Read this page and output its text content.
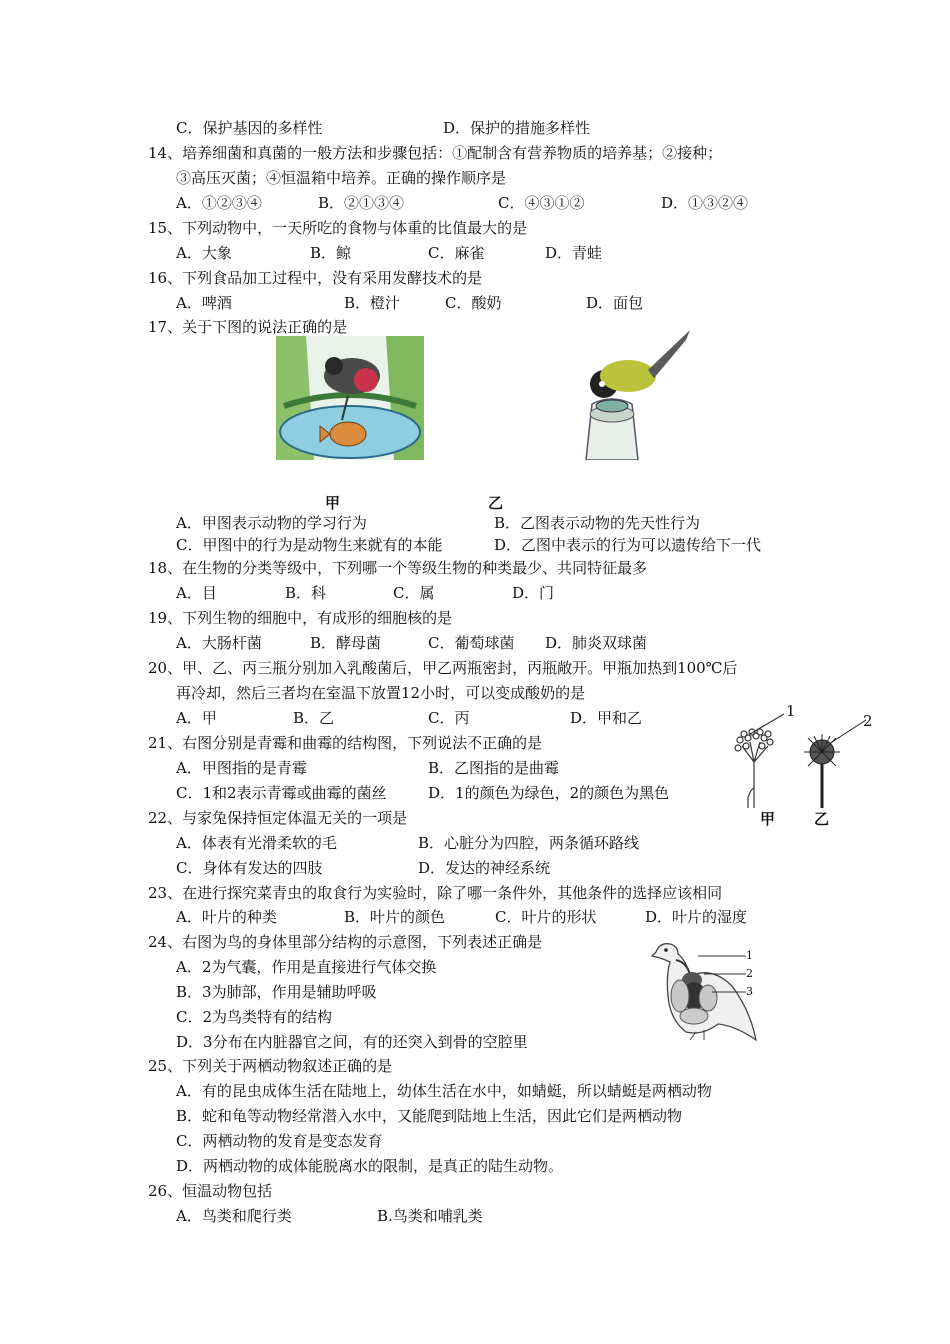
C．保护基因的多样性	D．保护的措施多样性
14、培养细菌和真菌的一般方法和步骤包括：①配制含有营养物质的培养基；②接种；
③高压灭菌；④恒温箱中培养。正确的操作顺序是
A．①②③④	B．②①③④	C．④③①②	D．①③②④
15、下列动物中，一天所吃的食物与体重的比值最大的是
A．大象	B．鲸	C．麻雀	D．青蛙
16、下列食品加工过程中，没有采用发酵技术的是
A．啤酒	B．橙汁	C．酸奶	D．面包
17、关于下图的说法正确的是
甲	乙
A．甲图表示动物的学习行为	B．乙图表示动物的先天性行为
C．甲图中的行为是动物生来就有的本能	D．乙图中表示的行为可以遗传给下一代
18、在生物的分类等级中，下列哪一个等级生物的种类最少、共同特征最多
A．目	B．科	C．属	D．门
19、下列生物的细胞中，有成形的细胞核的是
A．大肠杆菌	B．酵母菌	C．葡萄球菌 D．肺炎双球菌
20、甲、乙、丙三瓶分别加入乳酸菌后，甲乙两瓶密封，丙瓶敞开。甲瓶加热到100℃后
再冷却，然后三者均在室温下放置12小时，可以变成酸奶的是
A．甲	B．乙	C．丙	D．甲和乙
21、右图分别是青霉和曲霉的结构图，下列说法不正确的是
A．甲图指的是青霉	B．乙图指的是曲霉
C．1和2表示青霉或曲霉的菌丝	D．1的颜色为绿色，2的颜色为黑色
1
2
甲	乙
22、与家兔保持恒定体温无关的一项是
A．体表有光滑柔软的毛	B．心脏分为四腔，两条循环路线
C．身体有发达的四肢	D．发达的神经系统
23、在进行探究菜青虫的取食行为实验时，除了哪一条件外，其他条件的选择应该相同
A．叶片的种类	B．叶片的颜色	C．叶片的形状	D．叶片的湿度
24、右图为鸟的身体里部分结构的示意图，下列表述正确是
A．2为气囊，作用是直接进行气体交换
B．3为肺部，作用是辅助呼吸
C．2为鸟类特有的结构
D．3分布在内脏器官之间，有的还突入到骨的空腔里
1
2
3
25、下列关于两栖动物叙述正确的是
A．有的昆虫成体生活在陆地上，幼体生活在水中，如蜻蜓，所以蜻蜓是两栖动物
B．蛇和龟等动物经常潜入水中，又能爬到陆地上生活，因此它们是两栖动物
C．两栖动物的发育是变态发育
D．两栖动物的成体能脱离水的限制，是真正的陆生动物。
26、恒温动物包括
A．鸟类和爬行类	B.鸟类和哺乳类
